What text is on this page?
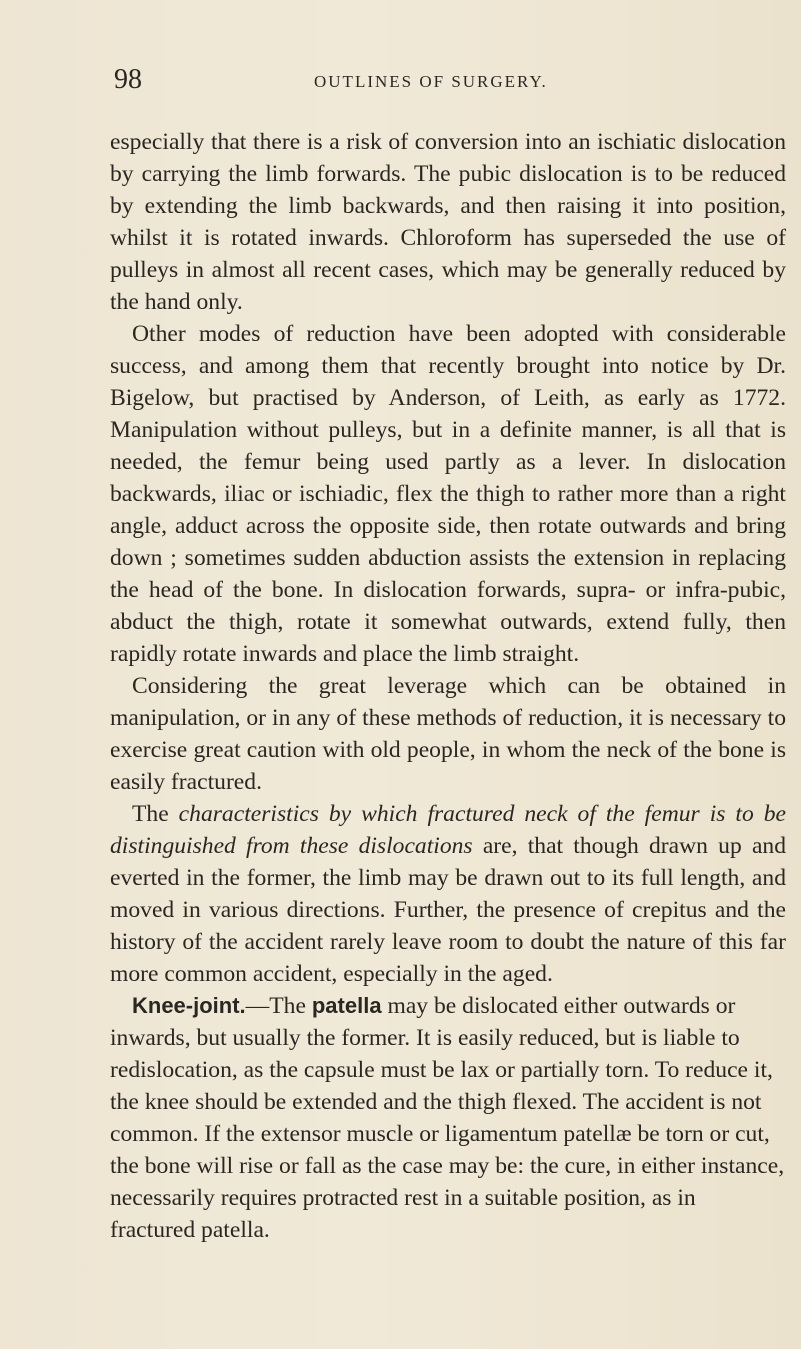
98	OUTLINES OF SURGERY.

especially that there is a risk of conversion into an ischiatic dislocation by carrying the limb forwards. The pubic dislocation is to be reduced by extending the limb backwards, and then raising it into position, whilst it is rotated inwards. Chloroform has superseded the use of pulleys in almost all recent cases, which may be generally reduced by the hand only.

Other modes of reduction have been adopted with considerable success, and among them that recently brought into notice by Dr. Bigelow, but practised by Anderson, of Leith, as early as 1772. Manipulation without pulleys, but in a definite manner, is all that is needed, the femur being used partly as a lever. In dislocation backwards, iliac or ischiadic, flex the thigh to rather more than a right angle, adduct across the opposite side, then rotate outwards and bring down ; sometimes sudden abduction assists the extension in replacing the head of the bone. In dislocation forwards, supra- or infra-pubic, abduct the thigh, rotate it somewhat outwards, extend fully, then rapidly rotate inwards and place the limb straight.

Considering the great leverage which can be obtained in manipulation, or in any of these methods of reduction, it is necessary to exercise great caution with old people, in whom the neck of the bone is easily fractured.

The characteristics by which fractured neck of the femur is to be distinguished from these dislocations are, that though drawn up and everted in the former, the limb may be drawn out to its full length, and moved in various directions. Further, the presence of crepitus and the history of the accident rarely leave room to doubt the nature of this far more common accident, especially in the aged.

Knee-joint.—The patella may be dislocated either outwards or inwards, but usually the former. It is easily reduced, but is liable to redislocation, as the capsule must be lax or partially torn. To reduce it, the knee should be extended and the thigh flexed. The accident is not common. If the extensor muscle or ligamentum patellæ be torn or cut, the bone will rise or fall as the case may be: the cure, in either instance, necessarily requires protracted rest in a suitable position, as in fractured patella.
